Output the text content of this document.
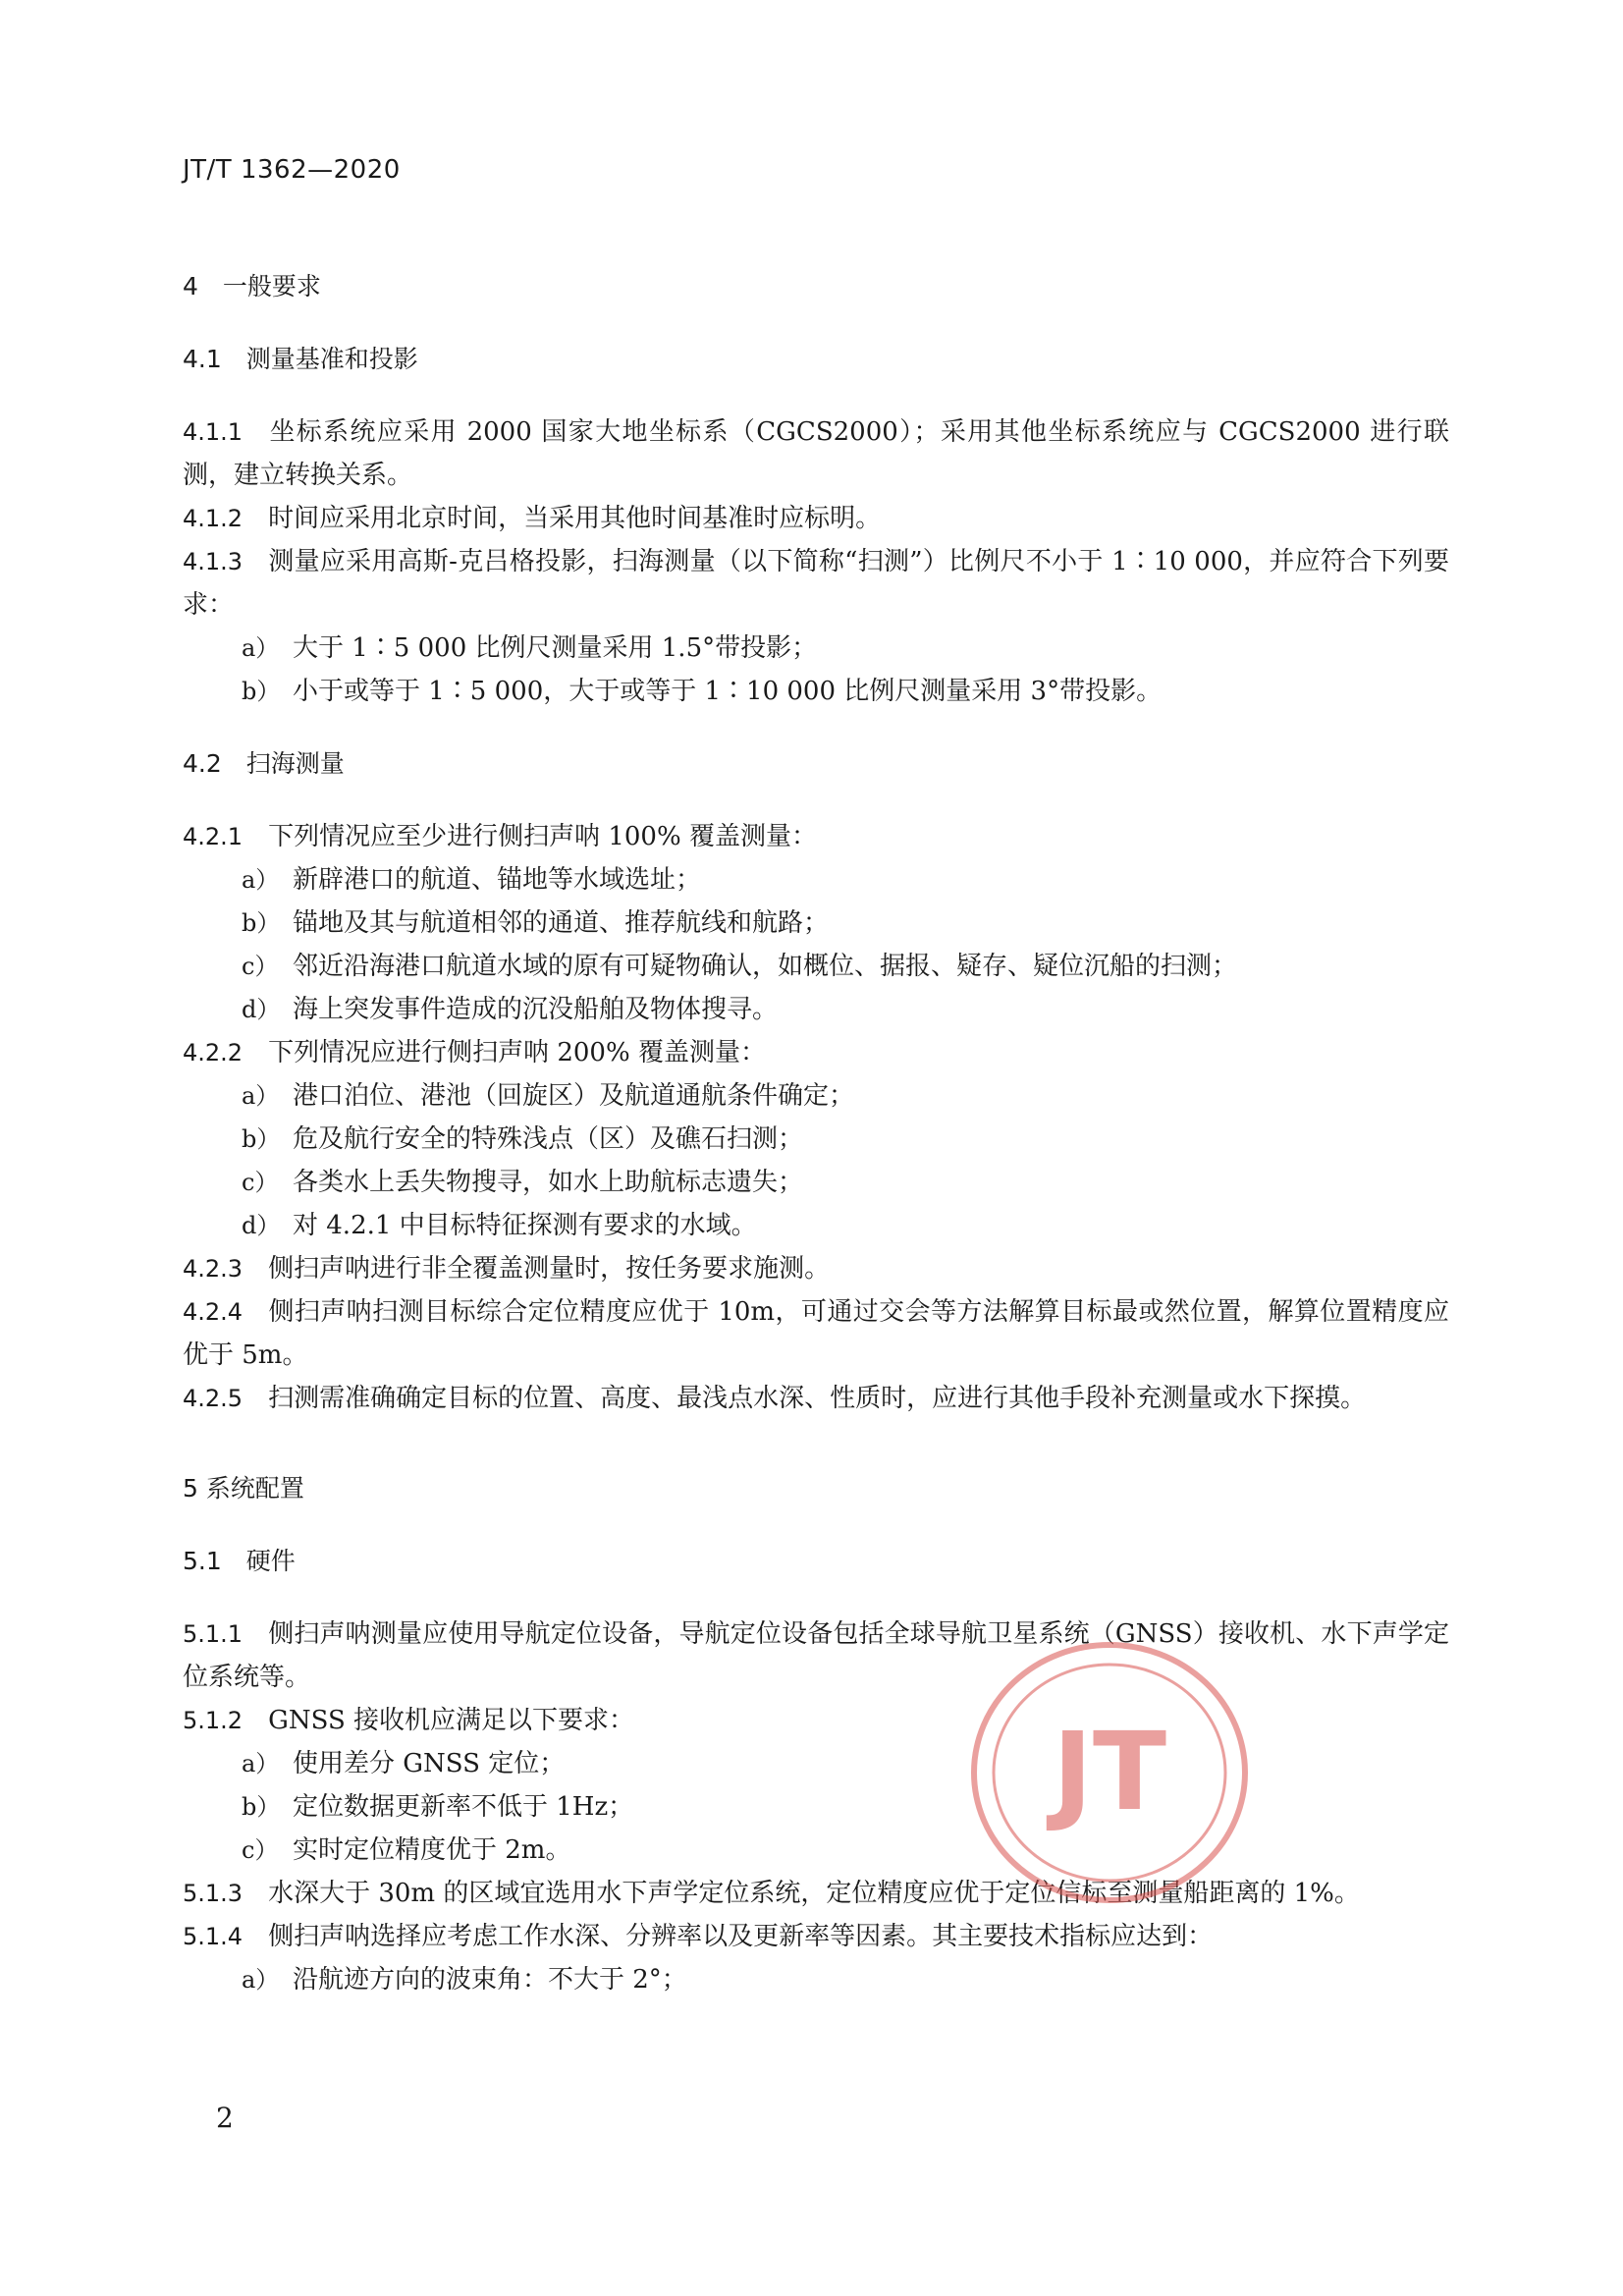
JT/T 1362—2020
4　一般要求
4.1　测量基准和投影

4.1.1 坐标系统应采用 2000 国家大地坐标系（CGCS2000）；采用其他坐标系统应与 CGCS2000 进行联测，建立转换关系。

4.1.2 时间应采用北京时间，当采用其他时间基准时应标明。

4.1.3 测量应采用高斯-克吕格投影，扫海测量（以下简称“扫测”）比例尺不小于 1∶10 000，并应符合下列要求：

a） 大于 1∶5 000 比例尺测量采用 1.5°带投影；

b） 小于或等于 1∶5 000，大于或等于 1∶10 000 比例尺测量采用 3°带投影。

4.2　扫海测量

4.2.1 下列情况应至少进行侧扫声呐 100% 覆盖测量：

a） 新辟港口的航道、锚地等水域选址；

b） 锚地及其与航道相邻的通道、推荐航线和航路；

c） 邻近沿海港口航道水域的原有可疑物确认，如概位、据报、疑存、疑位沉船的扫测；

d） 海上突发事件造成的沉没船舶及物体搜寻。

4.2.2 下列情况应进行侧扫声呐 200% 覆盖测量：

a） 港口泊位、港池（回旋区）及航道通航条件确定；

b） 危及航行安全的特殊浅点（区）及礁石扫测；

c） 各类水上丢失物搜寻，如水上助航标志遗失；

d） 对 4.2.1 中目标特征探测有要求的水域。

4.2.3 侧扫声呐进行非全覆盖测量时，按任务要求施测。

4.2.4 侧扫声呐扫测目标综合定位精度应优于 10m，可通过交会等方法解算目标最或然位置，解算位置精度应优于 5m。

4.2.5 扫测需准确确定目标的位置、高度、最浅点水深、性质时，应进行其他手段补充测量或水下探摸。

5 系统配置
5.1　硬件

5.1.1 侧扫声呐测量应使用导航定位设备，导航定位设备包括全球导航卫星系统（GNSS）接收机、水下声学定位系统等。

5.1.2 GNSS 接收机应满足以下要求：

a） 使用差分 GNSS 定位；

b） 定位数据更新率不低于 1Hz；

c） 实时定位精度优于 2m。

5.1.3 水深大于 30m 的区域宜选用水下声学定位系统，定位精度应优于定位信标至测量船距离的 1%。

5.1.4 侧扫声呐选择应考虑工作水深、分辨率以及更新率等因素。其主要技术指标应达到：

a） 沿航迹方向的波束角：不大于 2°；

JT
2
